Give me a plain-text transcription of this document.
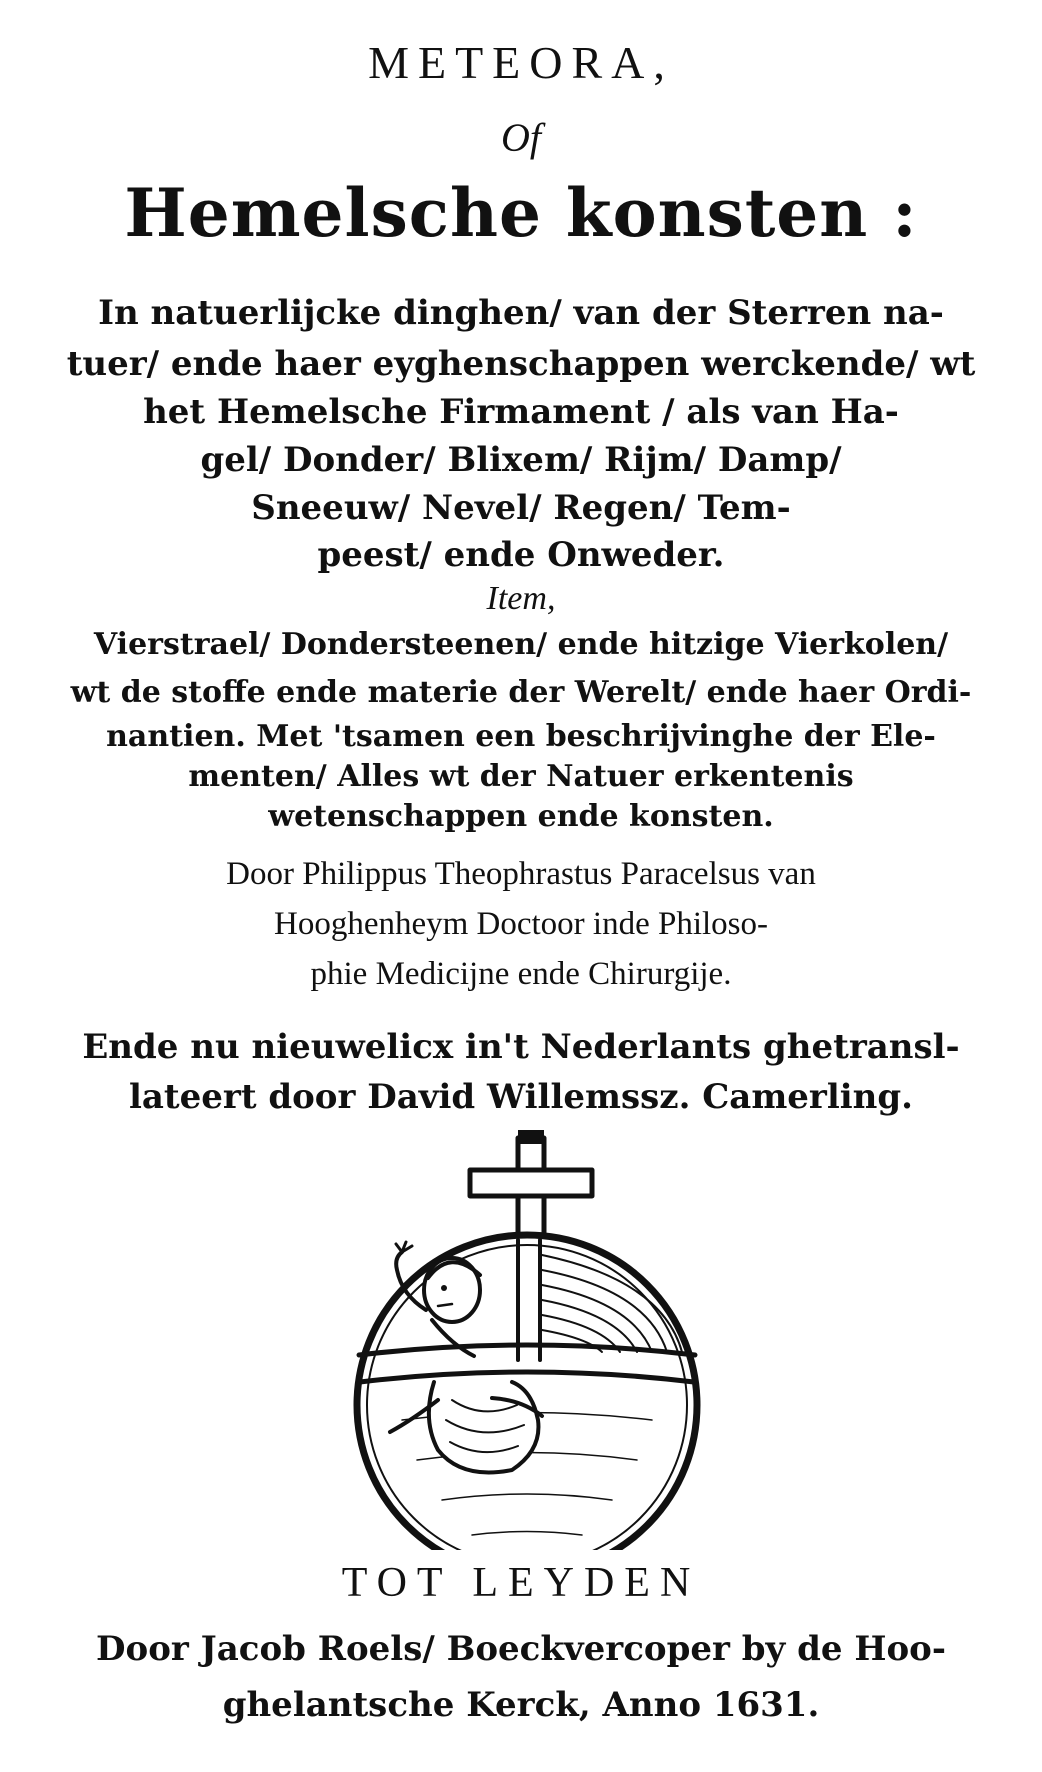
METEORA,
Of
Hemelsche konsten :
In natuerlijcke dinghen/ van der Sterren na-
tuer/ ende haer eyghenschappen werckende/ wt
het Hemelsche Firmament / als van Ha-
gel/ Donder/ Blixem/ Rijm/ Damp/
Sneeuw/ Nevel/ Regen/ Tem-
peest/ ende Onweder.
Item,
Vierstrael/ Dondersteenen/ ende hitzige Vierkolen/
wt de stoffe ende materie der Werelt/ ende haer Ordi-
nantien. Met 'tsamen een beschrijvinghe der Ele-
menten/ Alles wt der Natuer erkentenis
wetenschappen ende konsten.
Door Philippus Theophrastus Paracelsus van
Hooghenheym Doctoor inde Philoso-
phie Medicijne ende Chirurgije.
Ende nu nieuwelicx in't Nederlants ghetransl-
lateert door David Willemssz. Camerling.
TOT LEYDEN
Door Jacob Roels/ Boeckvercoper by de Hoo-
ghelantsche Kerck, Anno 1631.
